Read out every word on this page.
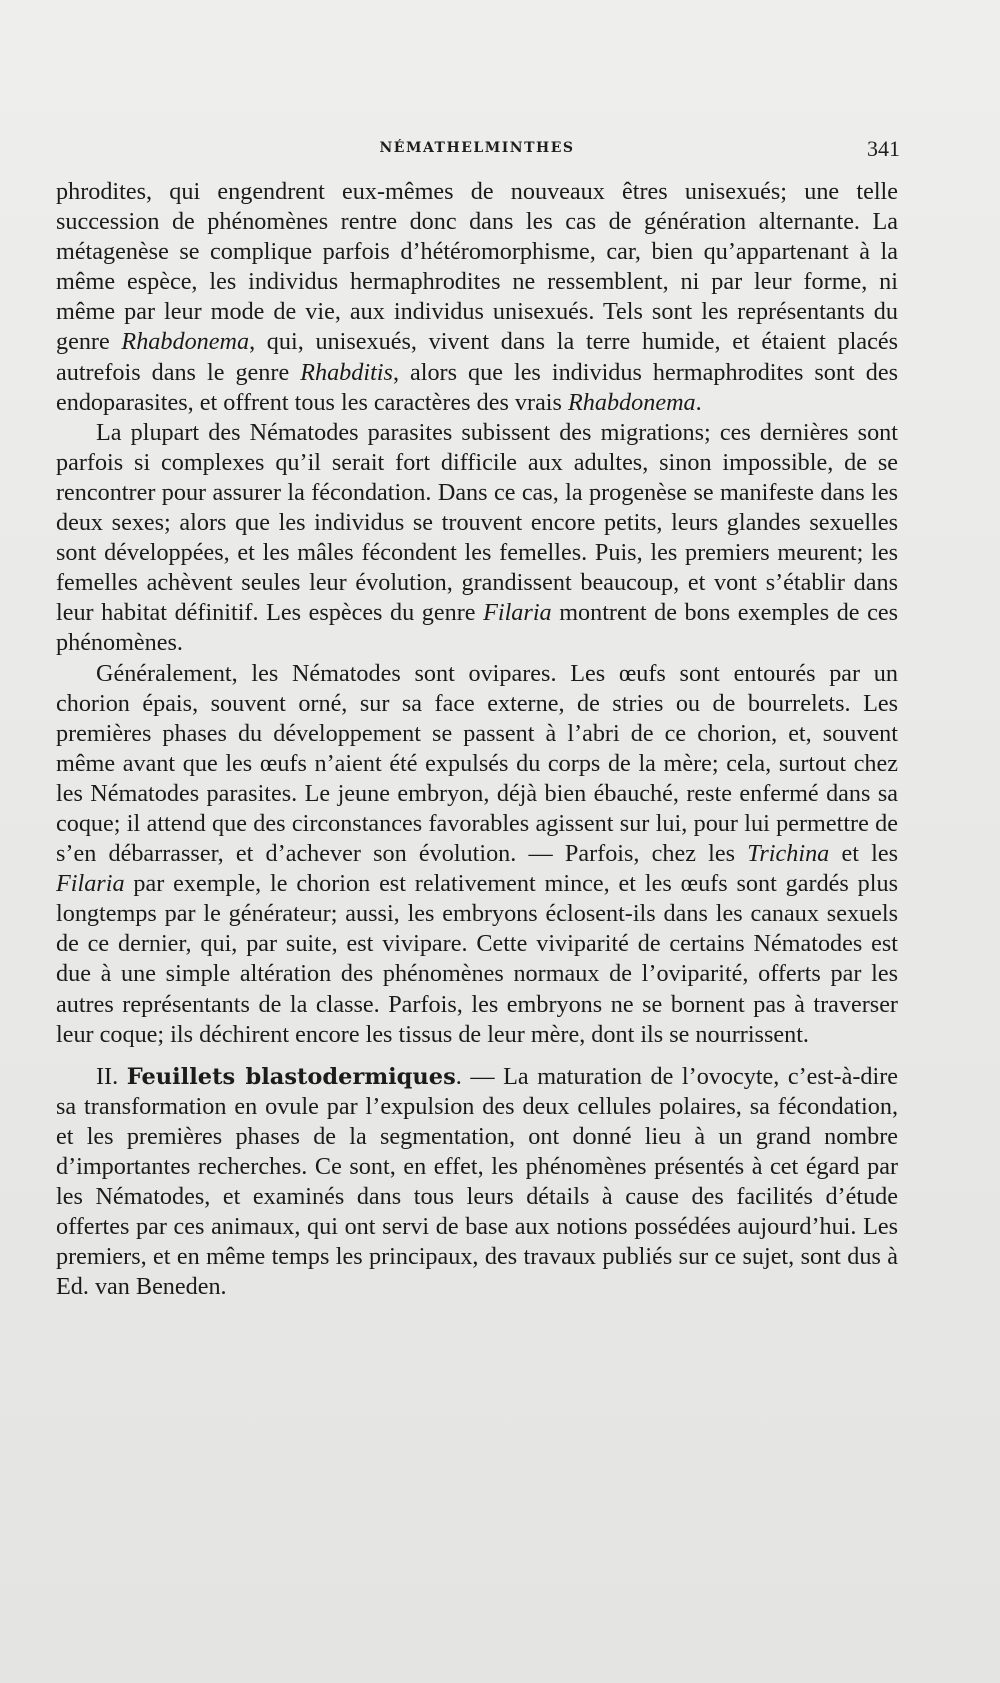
NÉMATHELMINTHES	341

phrodites, qui engendrent eux-mêmes de nouveaux êtres unisexués; une telle succession de phénomènes rentre donc dans les cas de génération alternante. La métagenèse se complique parfois d’hétéromorphisme, car, bien qu’appartenant à la même espèce, les individus hermaphrodites ne ressemblent, ni par leur forme, ni même par leur mode de vie, aux individus unisexués. Tels sont les représentants du genre Rhabdonema, qui, unisexués, vivent dans la terre humide, et étaient placés autrefois dans le genre Rhabditis, alors que les individus hermaphrodites sont des endoparasites, et offrent tous les caractères des vrais Rhabdonema.

La plupart des Nématodes parasites subissent des migrations; ces dernières sont parfois si complexes qu’il serait fort difficile aux adultes, sinon impossible, de se rencontrer pour assurer la fécondation. Dans ce cas, la progenèse se manifeste dans les deux sexes; alors que les individus se trouvent encore petits, leurs glandes sexuelles sont développées, et les mâles fécondent les femelles. Puis, les premiers meurent; les femelles achèvent seules leur évolution, grandissent beaucoup, et vont s’établir dans leur habitat définitif. Les espèces du genre Filaria montrent de bons exemples de ces phénomènes.

Généralement, les Nématodes sont ovipares. Les œufs sont entourés par un chorion épais, souvent orné, sur sa face externe, de stries ou de bourrelets. Les premières phases du développement se passent à l’abri de ce chorion, et, souvent même avant que les œufs n’aient été expulsés du corps de la mère; cela, surtout chez les Nématodes parasites. Le jeune embryon, déjà bien ébauché, reste enfermé dans sa coque; il attend que des circonstances favorables agissent sur lui, pour lui permettre de s’en débarrasser, et d’achever son évolution. — Parfois, chez les Trichina et les Filaria par exemple, le chorion est relativement mince, et les œufs sont gardés plus longtemps par le générateur; aussi, les embryons éclosent-ils dans les canaux sexuels de ce dernier, qui, par suite, est vivipare. Cette viviparité de certains Nématodes est due à une simple altération des phénomènes normaux de l’oviparité, offerts par les autres représentants de la classe. Parfois, les embryons ne se bornent pas à traverser leur coque; ils déchirent encore les tissus de leur mère, dont ils se nourrissent.

II. Feuillets blastodermiques. — La maturation de l’ovocyte, c’est-à-dire sa transformation en ovule par l’expulsion des deux cellules polaires, sa fécondation, et les premières phases de la segmentation, ont donné lieu à un grand nombre d’importantes recherches. Ce sont, en effet, les phénomènes présentés à cet égard par les Nématodes, et examinés dans tous leurs détails à cause des facilités d’étude offertes par ces animaux, qui ont servi de base aux notions possédées aujourd’hui. Les premiers, et en même temps les principaux, des travaux publiés sur ce sujet, sont dus à Ed. van Beneden.
